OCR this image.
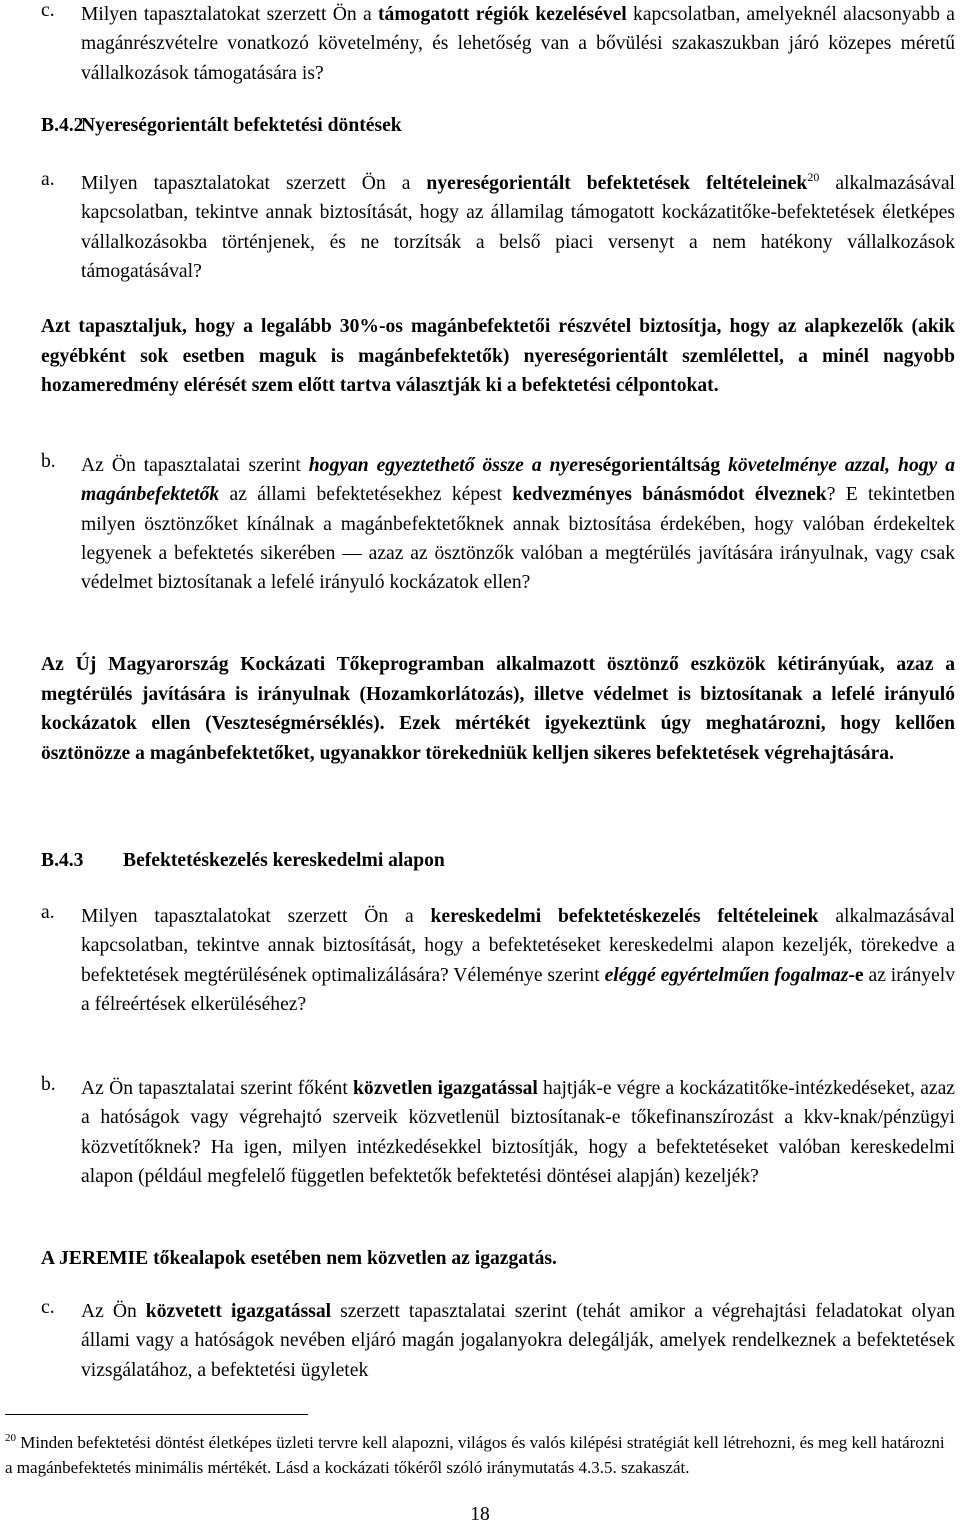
c. Milyen tapasztalatokat szerzett Ön a támogatott régiók kezelésével kapcsolatban, amelyeknél alacsonyabb a magánrészvételre vonatkozó követelmény, és lehetőség van a bővülési szakaszukban járó közepes méretű vállalkozások támogatására is?
B.4.2
Nyereségorientált befektetési döntések
a. Milyen tapasztalatokat szerzett Ön a nyereségorientált befektetések feltételeinek$^{20}$ alkalmazásával kapcsolatban, tekintve annak biztosítását, hogy az államilag támogatott kockázatitőke-befektetések életképes vállalkozásokba történjenek, és ne torzítsák a belső piaci versenyt a nem hatékony vállalkozások támogatásával?
Azt tapasztaljuk, hogy a legalább 30%-os magánbefektetői részvétel biztosítja, hogy az alapkezelők (akik egyébként sok esetben maguk is magánbefektetők) nyereségorientált szemlélettel, a minél nagyobb hozameredmény elérését szem előtt tartva választják ki a befektetési célpontokat.
b. Az Ön tapasztalatai szerint hogyan egyeztethető össze a nyereségorientáltság követelménye azzal, hogy a magánbefektetők az állami befektetésekhez képest kedvezményes bánásmódot élveznek? E tekintetben milyen ösztönzőket kínálnak a magánbefektetőknek annak biztosítása érdekében, hogy valóban érdekeltek legyenek a befektetés sikerében ― azaz az ösztönzők valóban a megtérülés javítására irányulnak, vagy csak védelmet biztosítanak a lefelé irányuló kockázatok ellen?
Az Új Magyarország Kockázati Tőkeprogramban alkalmazott ösztönző eszközök kétirányúak, azaz a megtérülés javítására is irányulnak (Hozamkorlátozás), illetve védelmet is biztosítanak a lefelé irányuló kockázatok ellen (Veszteségmérséklés). Ezek mértékét igyekeztünk úgy meghatározni, hogy kellően ösztönözze a magánbefektetőket, ugyanakkor törekedniük kelljen sikeres befektetések végrehajtására.
B.4.3 Befektetéskezelés kereskedelmi alapon
a. Milyen tapasztalatokat szerzett Ön a kereskedelmi befektetéskezelés feltételeinek alkalmazásával kapcsolatban, tekintve annak biztosítását, hogy a befektetéseket kereskedelmi alapon kezeljék, törekedve a befektetések megtérülésének optimalizálására? Véleménye szerint eléggé egyértelműen fogalmaz-e az irányelv a félreértések elkerüléséhez?
b. Az Ön tapasztalatai szerint főként közvetlen igazgatással hajtják-e végre a kockázatitőke-intézkedéseket, azaz a hatóságok vagy végrehajtó szerveik közvetlenül biztosítanak-e tőkefinanszírozást a kkv-knak/pénzügyi közvetítőknek? Ha igen, milyen intézkedésekkel biztosítják, hogy a befektetéseket valóban kereskedelmi alapon (például megfelelő független befektetők befektetési döntései alapján) kezeljék?
A JEREMIE tőkealapok esetében nem közvetlen az igazgatás.
c. Az Ön közvetett igazgatással szerzett tapasztalatai szerint (tehát amikor a végrehajtási feladatokat olyan állami vagy a hatóságok nevében eljáró magán jogalanyokra delegálják, amelyek rendelkeznek a befektetések vizsgálatához, a befektetési ügyletek
$^{20}$ Minden befektetési döntést életképes üzleti tervre kell alapozni, világos és valós kilépési stratégiát kell létrehozni, és meg kell határozni a magánbefektetés minimális mértékét. Lásd a kockázati tőkéről szóló iránymutatás 4.3.5. szakaszát.
18
